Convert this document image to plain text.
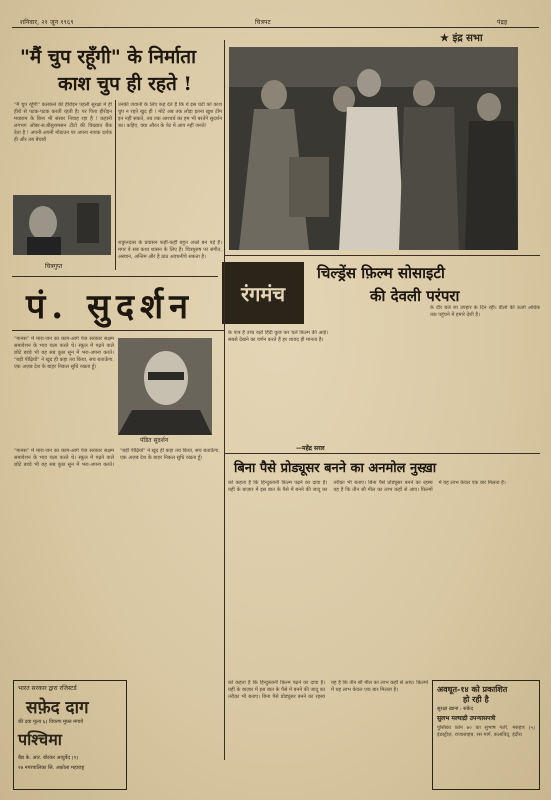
शनिवार, २१ जून १९६९	चित्रपट	पंद्रह
★ इंद्र सभा
"मैं चुप रहूँगी" के निर्माता
काश चुप ही रहते !
"मैं चुप रहूँगी" कलकत्ते की हीरोइन पहली सुरक्षा में ही हीरो से पटक-पटक करती रहती है। पर पिता हीरोइन मयाराम के बिना भी संसार निवाह रहा है ! कहानी लगभग ऑबर-स.बीसुरामसन टीटो की विख्यात बैंक देता है ! अपनी-अपनी मोडाउन पर अपना नायक दर्शक ही और तब बेचारी
उनकी जवानी के लिए कह देते हैं कि ये इस घटी को काश चुप न रहते खुद ही ! मोटे अब तक लोड़ा इतना ख़ुश टीम इन नहीं सकते, तब तक आश्चर्य का हम भी बरतेंगे सुदर्शन का। कहिए, क्या औरत के पेट में आप नहीं जनते!
शत्रुघ्नदास के प्रवासन कहीं-कहीं बहुत अच्छे बन पड़े हैं। मगर वे सब कथा शासन के लिए हैं। चित्रपुरुष पर संगीत, अस्थान, अन्तिम और है ठाठ अवधनीचे सकता है।
चित्रगुप्त
पं. सुदर्शन रंगमंच
चिल्ड्रेंस फ़िल्म सोसाइटी
की देवली परंपरा
"मानस" में मारा-जन का काम-आगे पेज सरकार सक्षम समावेशन के भाव चला करते थे। स्कूल में पढ़ने वाले छोटे बच्चे भी यह सब कुछ सुन में भरा-अपना करते। "बड़ी पीढ़ियों" ने खुद ही कहा तय किया, सच बताऊँगा, एक अज़ब देश के बाहर निकल सुधि रखता हूँ।
पंडित सुदर्शन
के पात्र हैं उच्च रक्षी हिंदी कुछ कर चले फ़िल्म की आई। सबसे देखने का वर्णन करते हैं हर शायद ही मानता है।
के दौर चले जा उपहार के दिन रही। डीलों की ऊर्जा अधिक तक पहुंचने में हमारे देशी है।
—महेंद्र सरल
बिना पैसे प्रोड्यूसर बनने का अनमोल नुस्ख़ा
को कहता है कि हिन्दुस्तानी फ़िल्म पढ़ने का दावा है। यहीं के बाज़ार में इस बात के पैसे में बनने की जादू का तरीक़ा भी बताए। बिना पैसे प्रोड्यूसर बनने का रहस्य यह है कि तीन सौ मील का लाभ कहाँ से आए। फ़िल्मों में यह लाभ केवल एक बार मिलता है।
भारत सरकार द्वारा रजिस्टर्ड
सफ़ेद दाग
की दवा मूल्य ६) विवरण मुफ़्त मंगायें
पश्चिमा
बैद्य के. आर. बोरकर आयुर्वेद (९)
२७ नगरपालिका सि. अकोला महाराष्ट्र
"मानस" में मारा-जन का काम-आगे पेज सरकार सक्षम समावेशन के भाव चला करते थे। स्कूल में पढ़ने वाले छोटे बच्चे भी यह सब कुछ सुन में भरा-अपना करते। "बड़ी पीढ़ियों" ने खुद ही कहा तय किया, सच बताऊँगा, एक अज़ब देश के बाहर निकल सुधि रखता हूँ।
अवधूत-१४ को प्रकाशित
हो रही है
सुरक्षा ख़ाना : सफ़ेद
सुलभ मल्याद्री उपन्यासपत्री
पुस्तिका फ़ोन ७० का सुभाष गली, मसहार (५) इंडस्ट्रीज़, राजासाहब, रस मार्ग, कलाविद्, इंदौर।
को कहता है कि हिन्दुस्तानी फ़िल्म पढ़ने का दावा है। यहीं के बाज़ार में इस बात के पैसे में बनने की जादू का तरीक़ा भी बताए। बिना पैसे प्रोड्यूसर बनने का रहस्य यह है कि तीन सौ मील का लाभ कहाँ से आए। फ़िल्मों में यह लाभ केवल एक बार मिलता है।
